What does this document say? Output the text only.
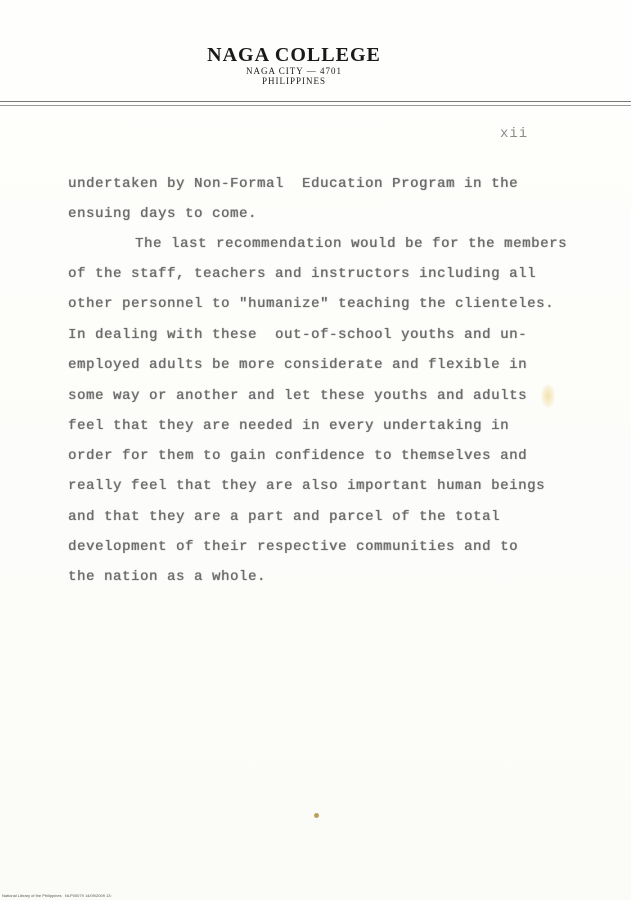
NAGA COLLEGE
NAGA CITY — 4701
PHILIPPINES
xii
undertaken by Non-Formal  Education Program in the
ensuing days to come.
The last recommendation would be for the members
of the staff, teachers and instructors including all
other personnel to "humanize" teaching the clienteles.
In dealing with these  out-of-school youths and un-
employed adults be more considerate and flexible in
some way or another and let these youths and adults
feel that they are needed in every undertaking in
order for them to gain confidence to themselves and
really feel that they are also important human beings
and that they are a part and parcel of the total
development of their respective communities and to
the nation as a whole.
National Library of the Philippines   NLP00079 14/09/2009 13:
